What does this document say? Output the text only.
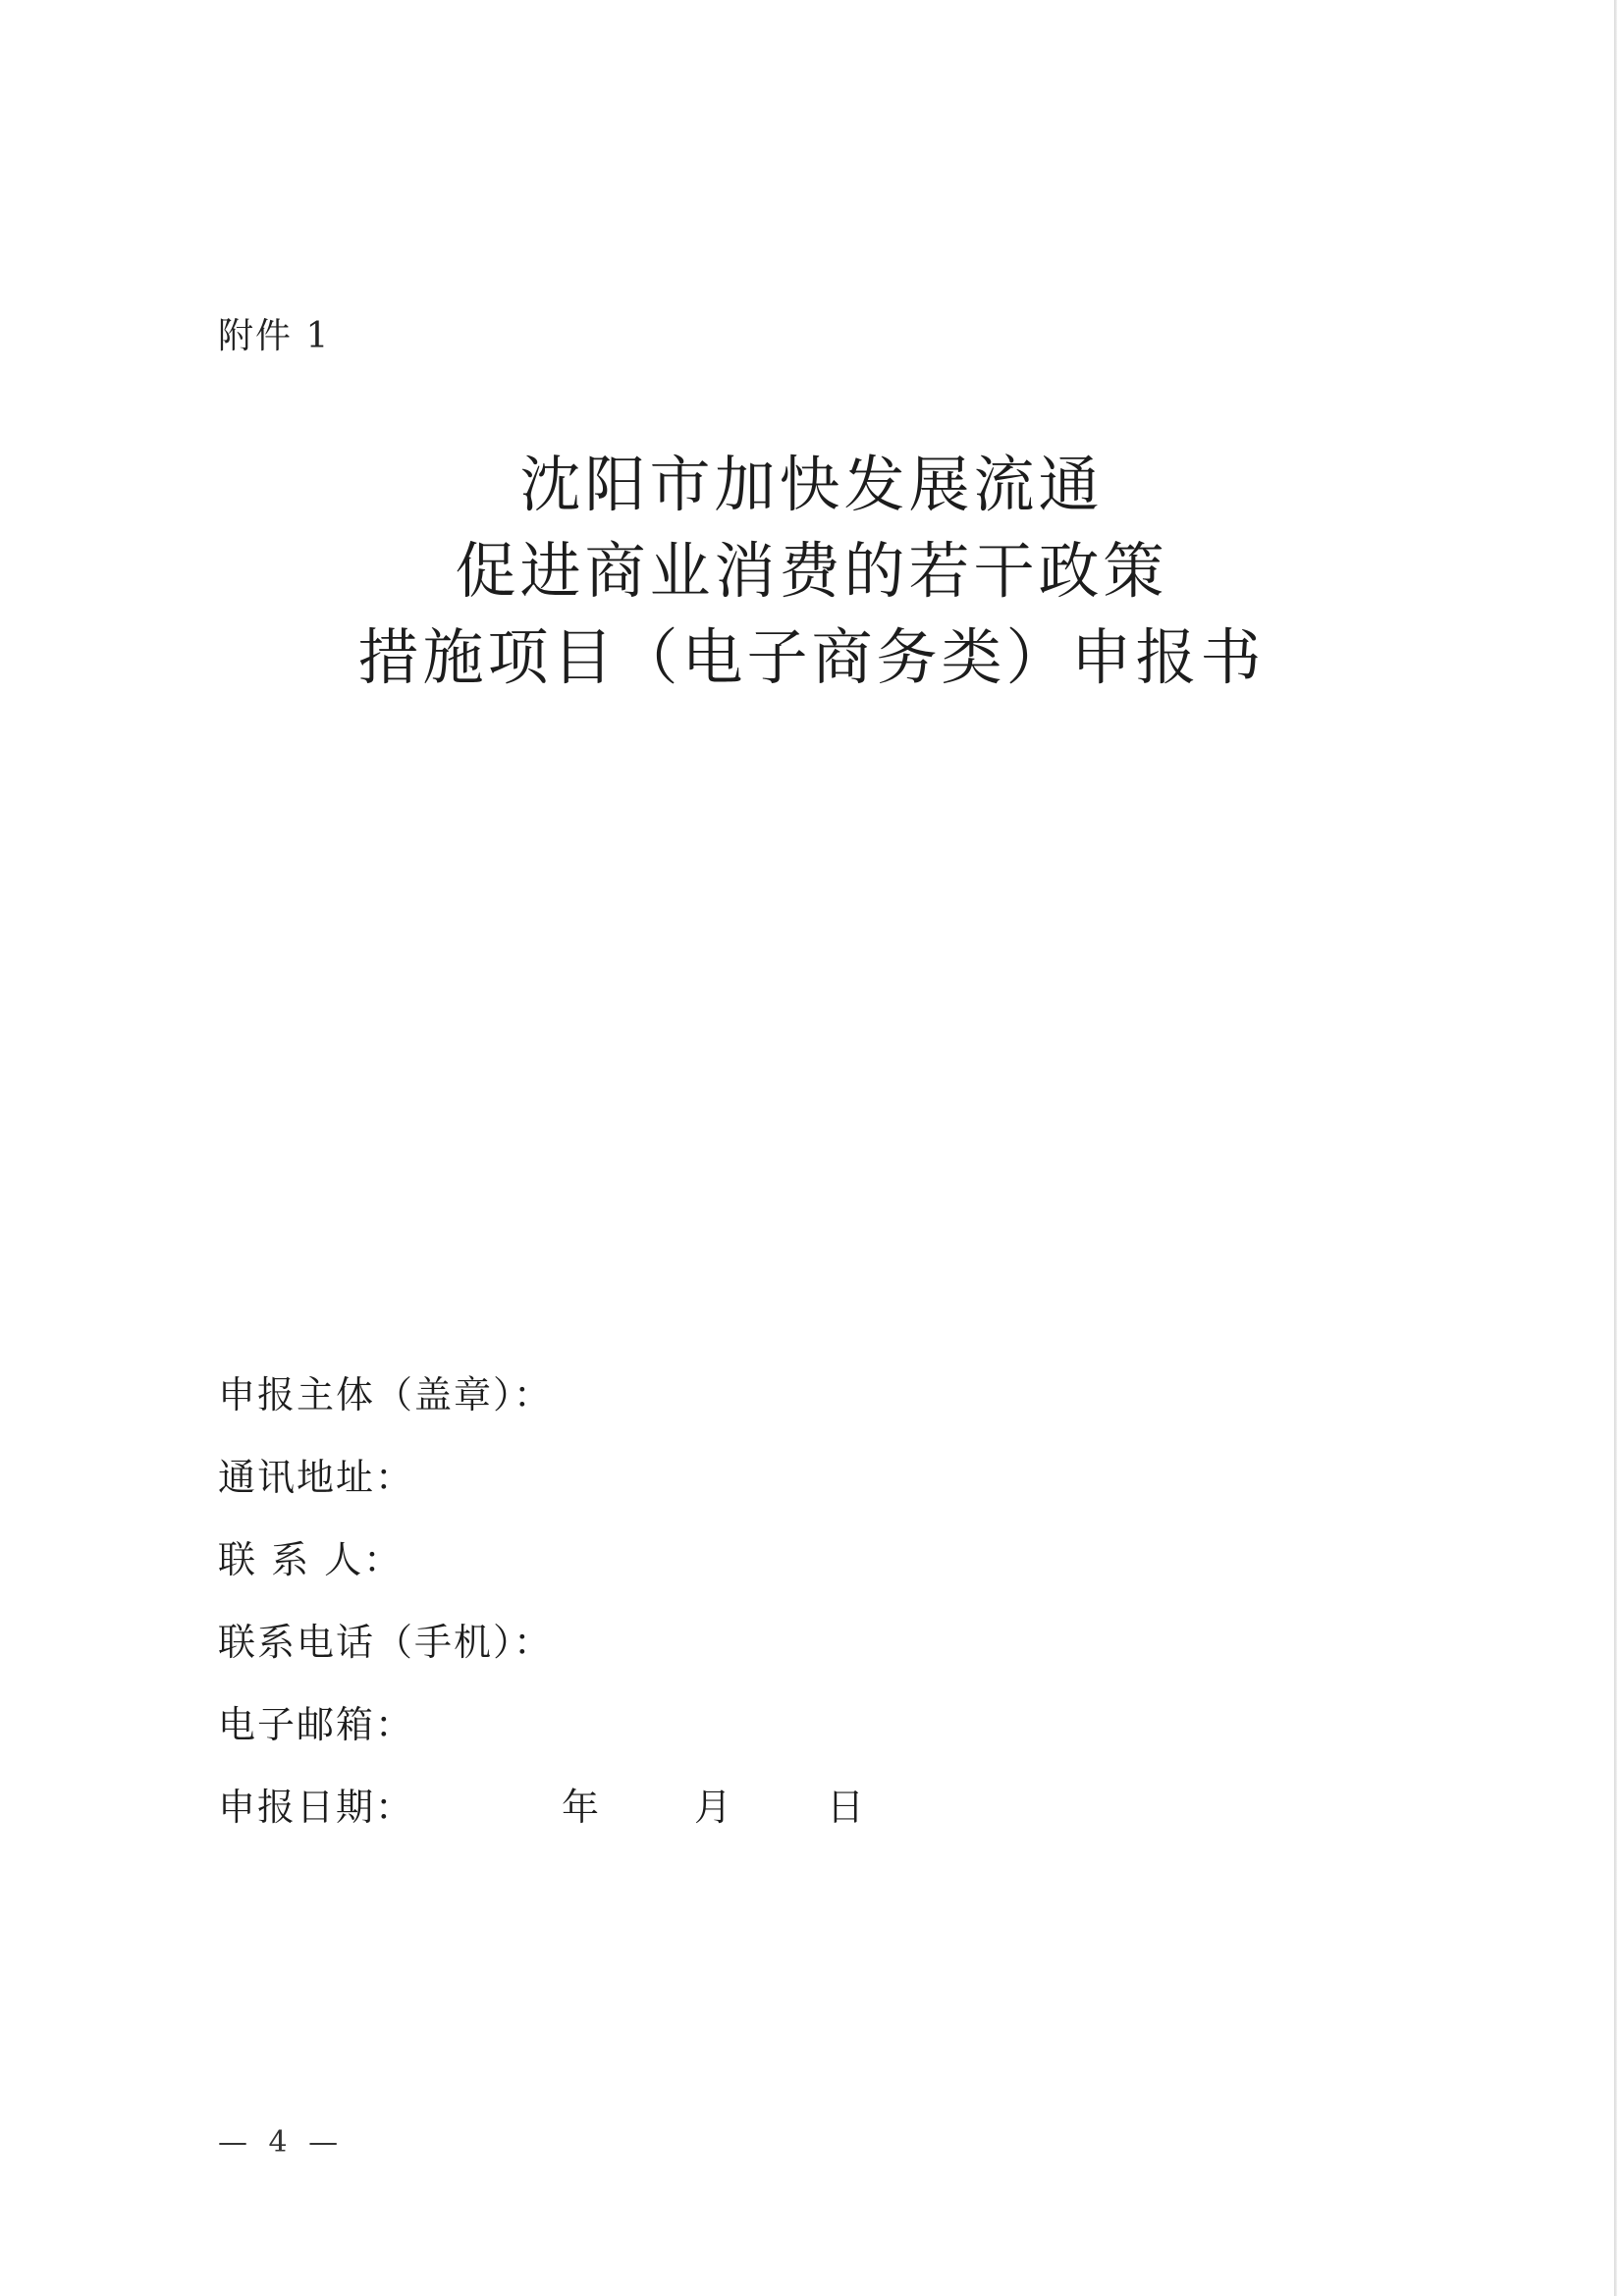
附件 1
沈阳市加快发展流通
促进商业消费的若干政策
措施项目（电子商务类）申报书
申报主体（盖章）：
通讯地址：
联 系 人：
联系电话（手机）：
电子邮箱：
申报日期：	年	月	日
— 4 —
